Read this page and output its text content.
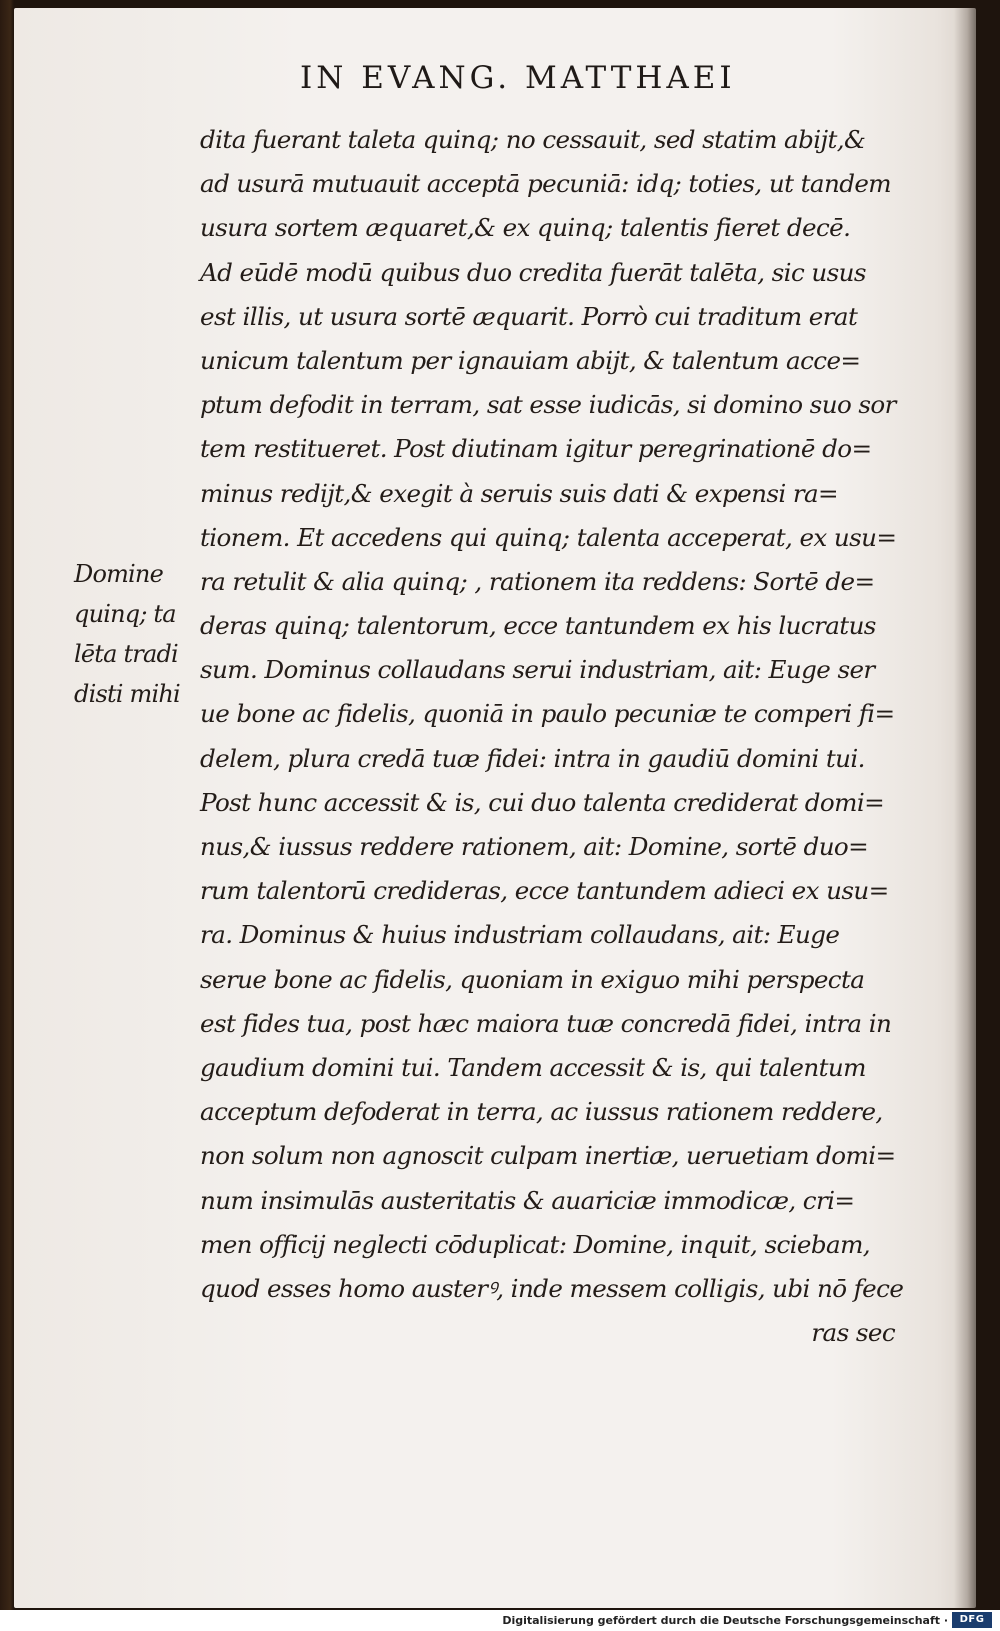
IN EVANG. MATTHAEI
dita fuerant taleta quinq; no cessauit, sed statim abijt,&
ad usurā mutuauit acceptā pecuniā: idq; toties, ut tandem
usura sortem æquaret,& ex quinq; talentis fieret decē.
Ad eūdē modū quibus duo credita fuerāt talēta, sic usus
est illis, ut usura sortē æquarit. Porrò cui traditum erat
unicum talentum per ignauiam abijt, & talentum acce=
ptum defodit in terram, sat esse iudicās, si domino suo sor
tem restitueret. Post diutinam igitur peregrinationē do=
minus redijt,& exegit à seruis suis dati & expensi ra=
tionem. Et accedens qui quinq; talenta acceperat, ex usu=
ra retulit & alia quinq; , rationem ita reddens: Sortē de=
deras quinq; talentorum, ecce tantundem ex his lucratus
sum. Dominus collaudans serui industriam, ait: Euge ser
ue bone ac fidelis, quoniā in paulo pecuniæ te comperi fi=
delem, plura credā tuæ fidei: intra in gaudiū domini tui.
Post hunc accessit & is, cui duo talenta crediderat domi=
nus,& iussus reddere rationem, ait: Domine, sortē duo=
rum talentorū credideras, ecce tantundem adieci ex usu=
ra. Dominus & huius industriam collaudans, ait: Euge
serue bone ac fidelis, quoniam in exiguo mihi perspecta
est fides tua, post hæc maiora tuæ concredā fidei, intra in
gaudium domini tui. Tandem accessit & is, qui talentum
acceptum defoderat in terra, ac iussus rationem reddere,
non solum non agnoscit culpam inertiæ, ueruetiam domi=
num insimulās austeritatis & auariciæ immodicæ, cri=
men officij neglecti cōduplicat: Domine, inquit, sciebam,
quod esses homo austerꝰ, inde messem colligis, ubi nō fece
ras sec
Domine
quinq; ta
lēta tradi
disti mihi
Digitalisierung gefördert durch die Deutsche Forschungsgemeinschaft ·	DFG
